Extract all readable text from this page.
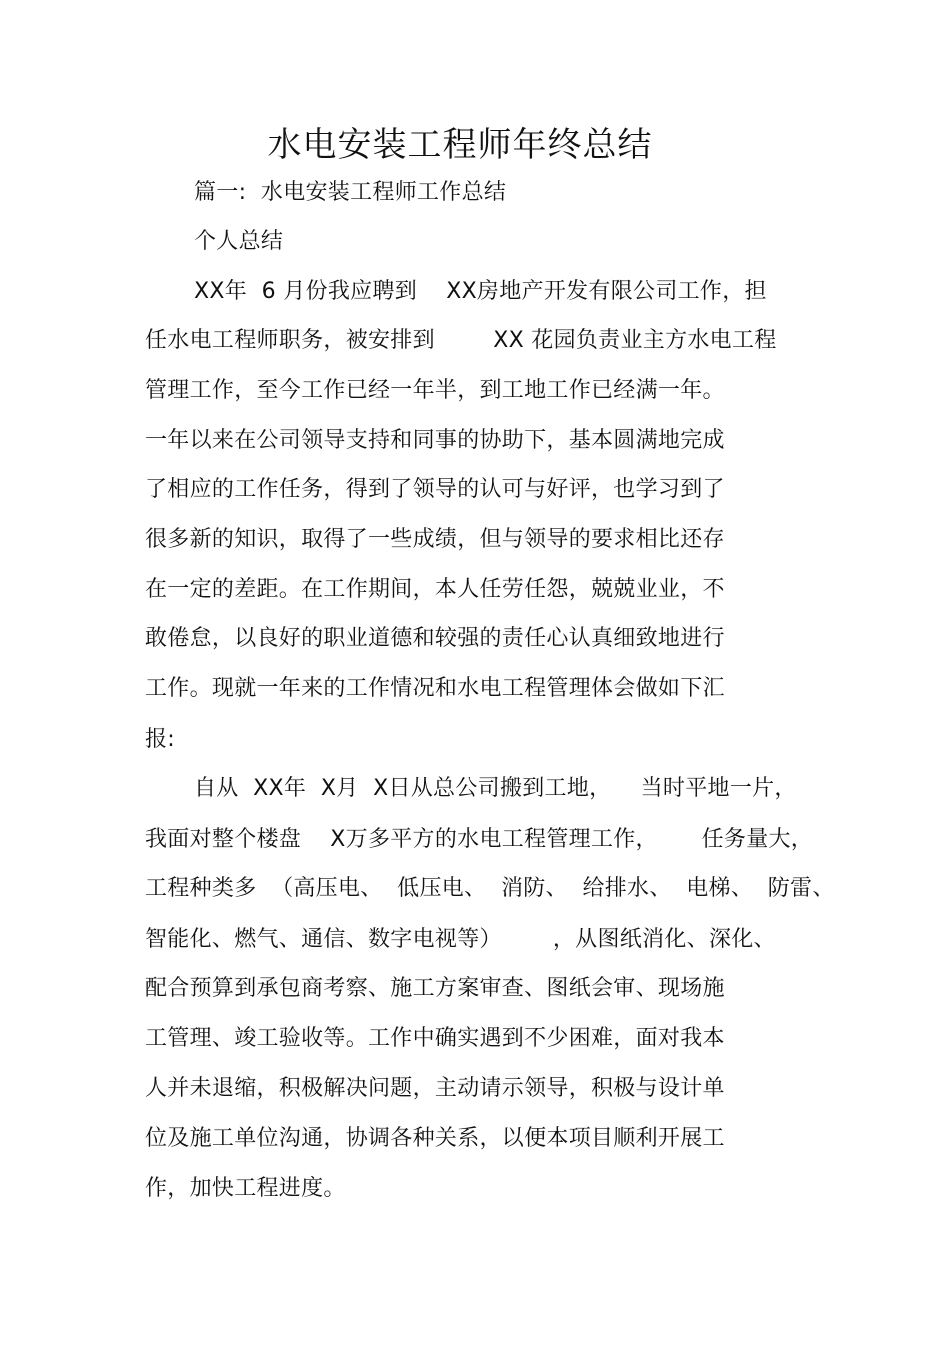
水电安装工程师年终总结
篇一:  水电安装工程师工作总结
个人总结
XX年  6 月份我应聘到    XX房地产开发有限公司工作，担
任水电工程师职务，被安排到        XX 花园负责业主方水电工程
管理工作，至今工作已经一年半，到工地工作已经满一年。
一年以来在公司领导支持和同事的协助下，基本圆满地完成
了相应的工作任务，得到了领导的认可与好评，也学习到了
很多新的知识，取得了一些成绩，但与领导的要求相比还存
在一定的差距。在工作期间，本人任劳任怨，兢兢业业，不
敢倦怠，以良好的职业道德和较强的责任心认真细致地进行
工作。现就一年来的工作情况和水电工程管理体会做如下汇
报:
自从  XX年  X月  X日从总公司搬到工地，    当时平地一片，
我面对整个楼盘    X万多平方的水电工程管理工作，      任务量大，
工程种类多  （高压电、  低压电、  消防、  给排水、  电梯、  防雷、
智能化、燃气、通信、数字电视等）       ，从图纸消化、深化、
配合预算到承包商考察、施工方案审查、图纸会审、现场施
工管理、竣工验收等。工作中确实遇到不少困难，面对我本
人并未退缩，积极解决问题，主动请示领导，积极与设计单
位及施工单位沟通，协调各种关系，以便本项目顺利开展工
作，加快工程进度。
